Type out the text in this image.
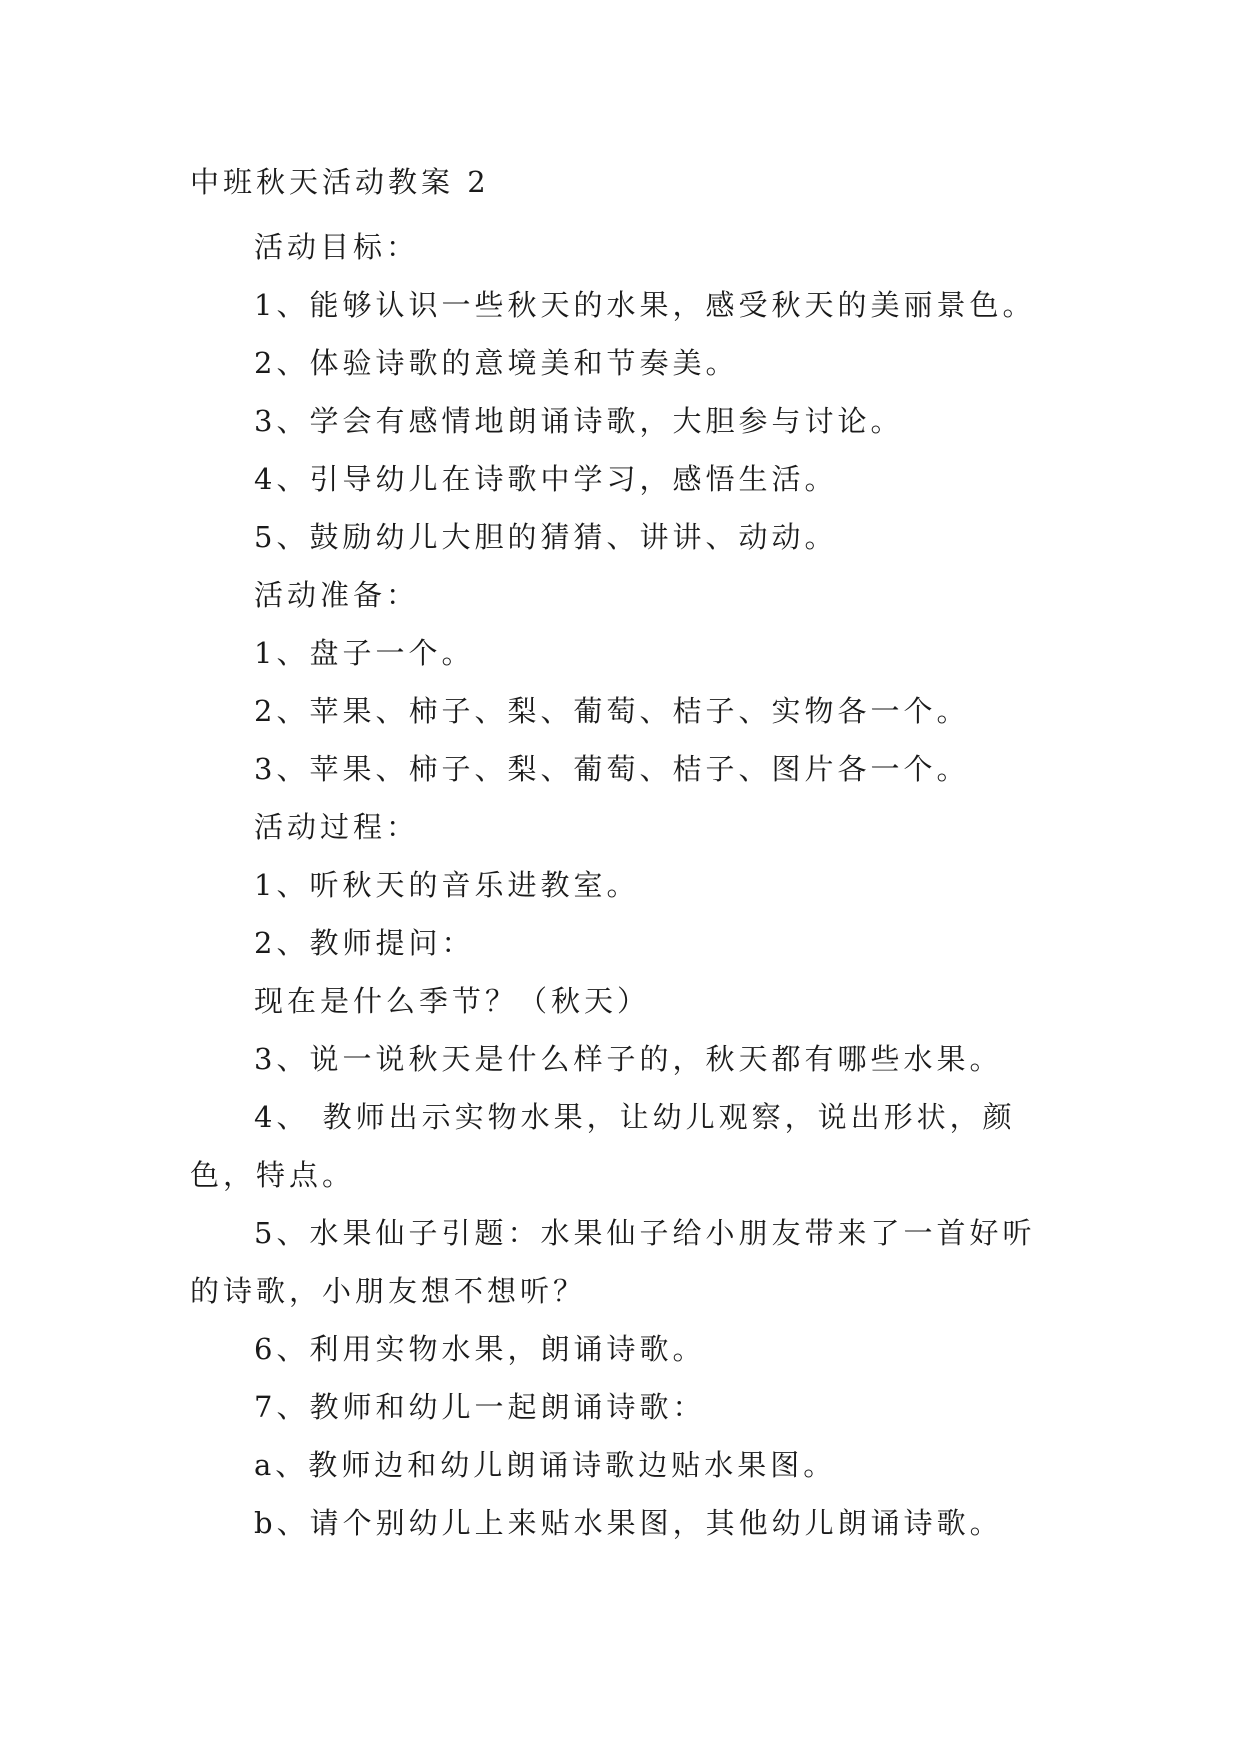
中班秋天活动教案 2

活动目标：

1、能够认识一些秋天的水果，感受秋天的美丽景色。

2、体验诗歌的意境美和节奏美。

3、学会有感情地朗诵诗歌，大胆参与讨论。

4、引导幼儿在诗歌中学习，感悟生活。

5、鼓励幼儿大胆的猜猜、讲讲、动动。

活动准备：

1、盘子一个。

2、苹果、柿子、梨、葡萄、桔子、实物各一个。

3、苹果、柿子、梨、葡萄、桔子、图片各一个。

活动过程：

1、听秋天的音乐进教室。

2、教师提问：

现在是什么季节？（秋天）

3、说一说秋天是什么样子的，秋天都有哪些水果。

4、 教师出示实物水果，让幼儿观察，说出形状，颜色，特点。

5、水果仙子引题：水果仙子给小朋友带来了一首好听的诗歌，小朋友想不想听？

6、利用实物水果，朗诵诗歌。

7、教师和幼儿一起朗诵诗歌：

a、教师边和幼儿朗诵诗歌边贴水果图。

b、请个别幼儿上来贴水果图，其他幼儿朗诵诗歌。
